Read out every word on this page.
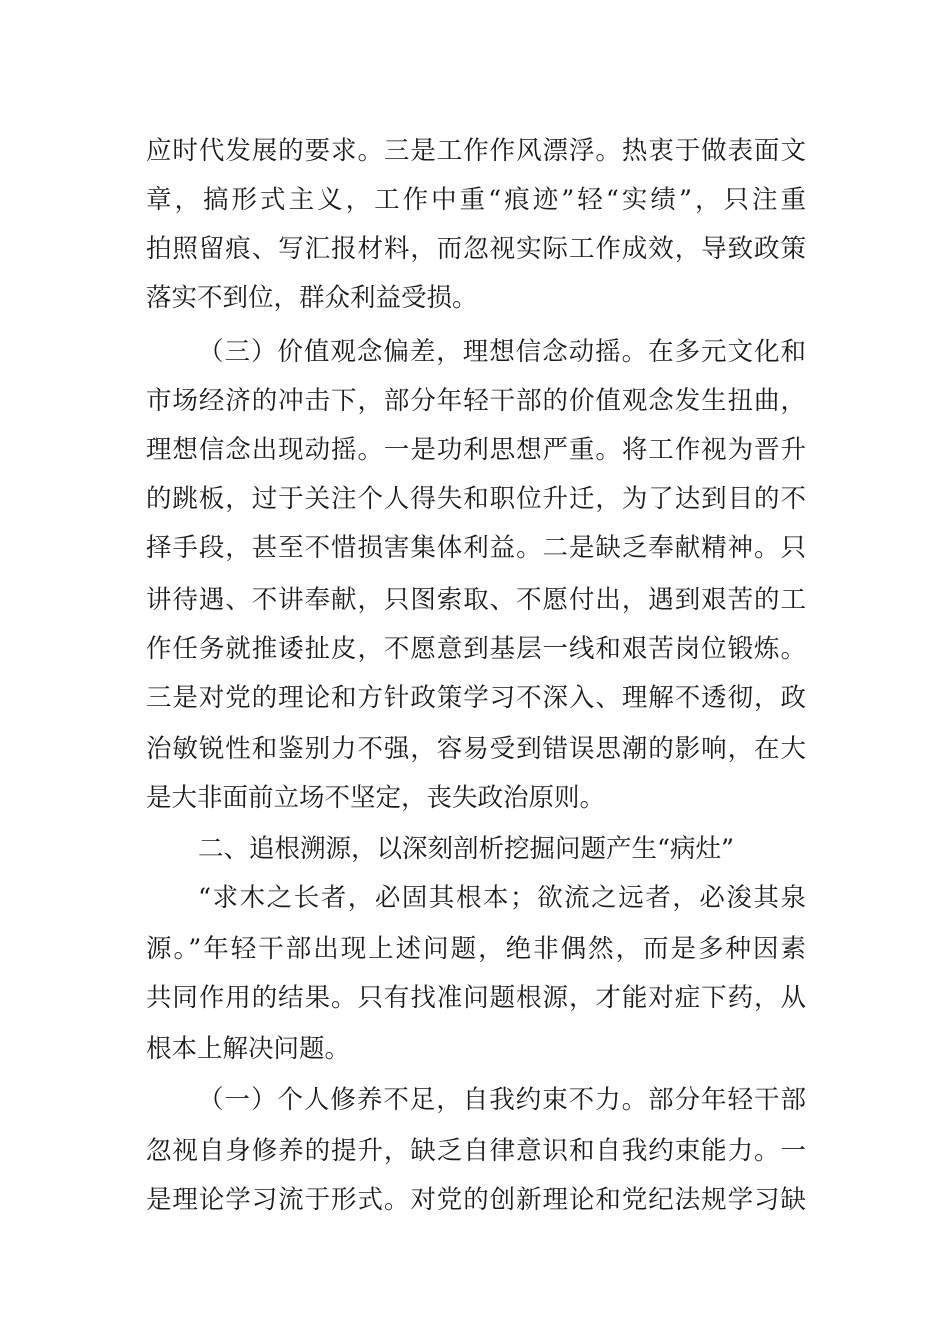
应时代发展的要求。三是工作作风漂浮。热衷于做表面文
章，搞形式主义，工作中重“痕迹”轻“实绩”，只注重
拍照留痕、写汇报材料，而忽视实际工作成效，导致政策
落实不到位，群众利益受损。
（三）价值观念偏差，理想信念动摇。在多元文化和
市场经济的冲击下，部分年轻干部的价值观念发生扭曲，
理想信念出现动摇。一是功利思想严重。将工作视为晋升
的跳板，过于关注个人得失和职位升迁，为了达到目的不
择手段，甚至不惜损害集体利益。二是缺乏奉献精神。只
讲待遇、不讲奉献，只图索取、不愿付出，遇到艰苦的工
作任务就推诿扯皮，不愿意到基层一线和艰苦岗位锻炼。
三是对党的理论和方针政策学习不深入、理解不透彻，政
治敏锐性和鉴别力不强，容易受到错误思潮的影响，在大
是大非面前立场不坚定，丧失政治原则。
二、追根溯源，以深刻剖析挖掘问题产生“病灶”
“求木之长者，必固其根本；欲流之远者，必浚其泉
源。”年轻干部出现上述问题，绝非偶然，而是多种因素
共同作用的结果。只有找准问题根源，才能对症下药，从
根本上解决问题。
（一）个人修养不足，自我约束不力。部分年轻干部
忽视自身修养的提升，缺乏自律意识和自我约束能力。一
是理论学习流于形式。对党的创新理论和党纪法规学习缺
